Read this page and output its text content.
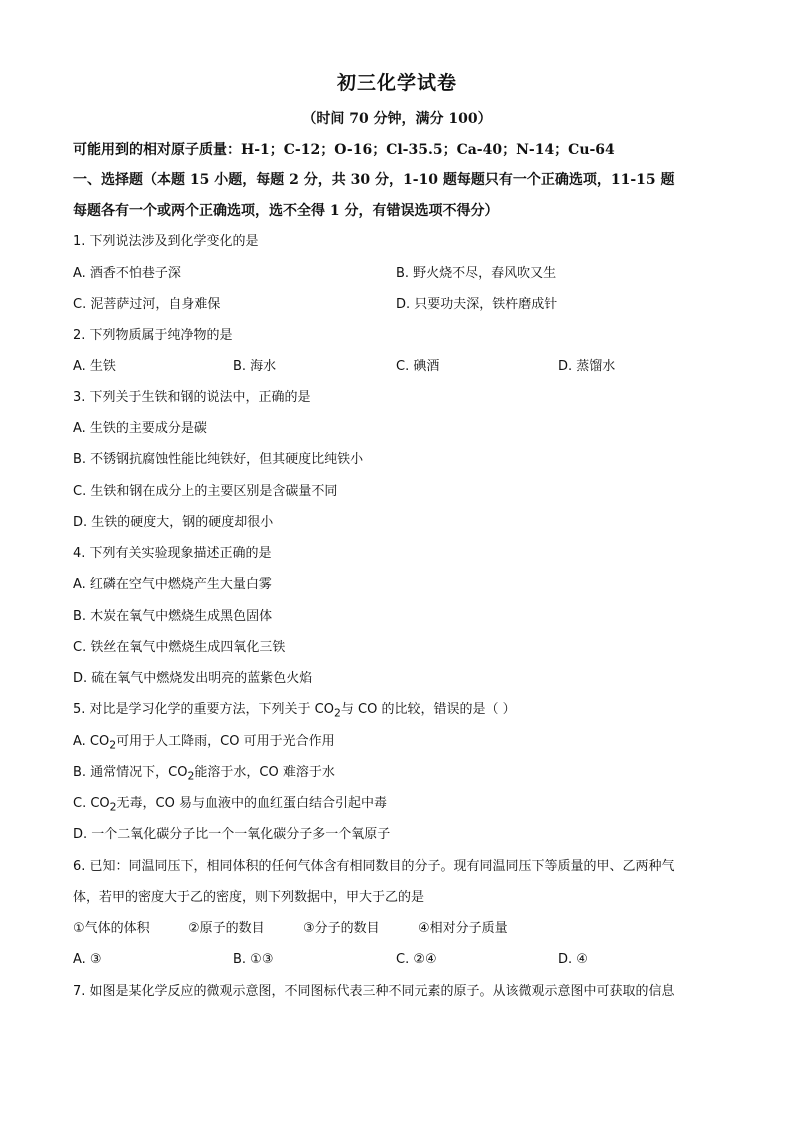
初三化学试卷
（时间 70 分钟，满分 100）
可能用到的相对原子质量：H-1；C-12；O-16；Cl-35.5；Ca-40；N-14；Cu-64
一、选择题（本题 15 小题，每题 2 分，共 30 分，1-10 题每题只有一个正确选项，11-15 题
每题各有一个或两个正确选项，选不全得 1 分，有错误选项不得分）
1. 下列说法涉及到化学变化的是
A. 酒香不怕巷子深	B. 野火烧不尽，春风吹又生
C. 泥菩萨过河，自身难保	D. 只要功夫深，铁杵磨成针
2. 下列物质属于纯净物的是
A. 生铁	B. 海水	C. 碘酒	D. 蒸馏水
3. 下列关于生铁和钢的说法中，正确的是
A. 生铁的主要成分是碳
B. 不锈钢抗腐蚀性能比纯铁好，但其硬度比纯铁小
C. 生铁和钢在成分上的主要区别是含碳量不同
D. 生铁的硬度大，钢的硬度却很小
4. 下列有关实验现象描述正确的是
A. 红磷在空气中燃烧产生大量白雾
B. 木炭在氧气中燃烧生成黑色固体
C. 铁丝在氧气中燃烧生成四氧化三铁
D. 硫在氧气中燃烧发出明亮的蓝紫色火焰
5. 对比是学习化学的重要方法，下列关于 $CO_2$与 CO 的比较，错误的是（ ）
A. $CO_2$可用于人工降雨，CO 可用于光合作用
B. 通常情况下，$CO_2$能溶于水，CO 难溶于水
C. $CO_2$无毒，CO 易与血液中的血红蛋白结合引起中毒
D. 一个二氧化碳分子比一个一氧化碳分子多一个氧原子
6. 已知：同温同压下，相同体积的任何气体含有相同数目的分子。现有同温同压下等质量的甲、乙两种气
体，若甲的密度大于乙的密度，则下列数据中，甲大于乙的是
①气体的体积	②原子的数目	③分子的数目	④相对分子质量
A. ③	B. ①③	C. ②④	D. ④
7. 如图是某化学反应的微观示意图，不同图标代表三种不同元素的原子。从该微观示意图中可获取的信息
